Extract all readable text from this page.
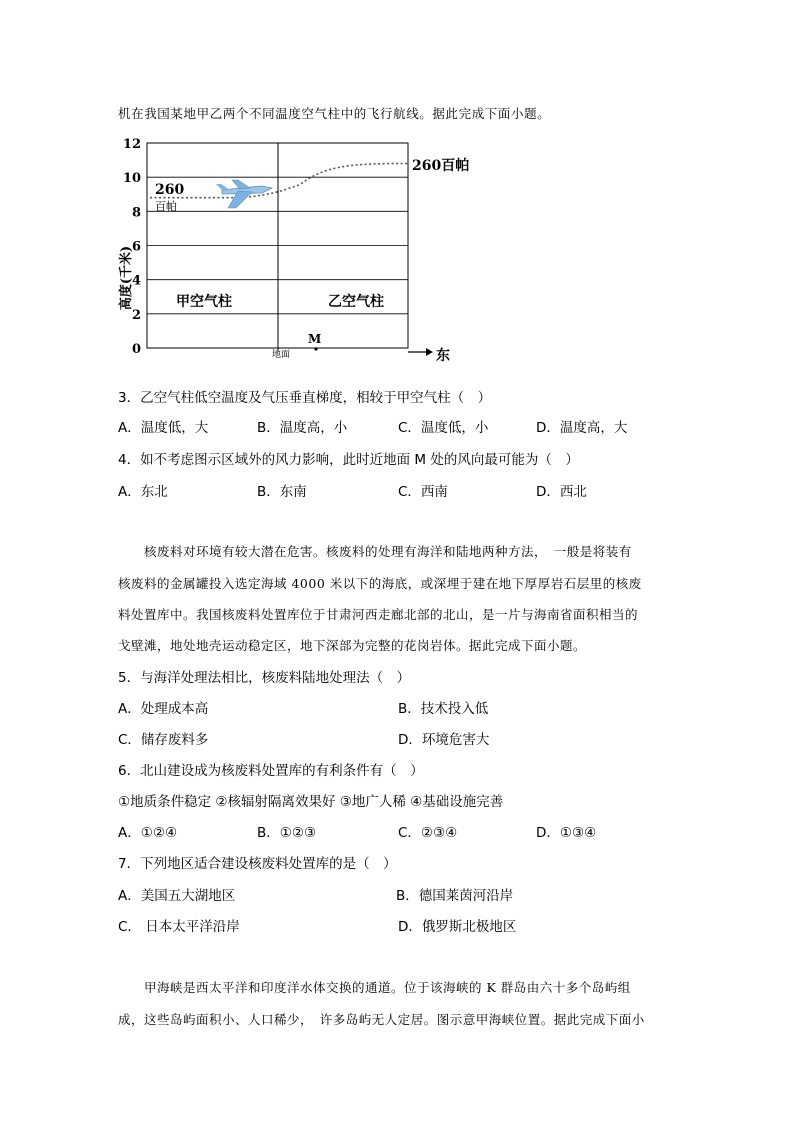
机在我国某地甲乙两个不同温度空气柱中的飞行航线。据此完成下面小题。
0
2
4
6
8
10
12
高度(千米)
260
百帕
260百帕
甲空气柱	乙空气柱
M
地面	东
3．乙空气柱低空温度及气压垂直梯度，相较于甲空气柱（　）
A．温度低，大	B．温度高，小	C．温度低，小	D．温度高，大
4．如不考虑图示区域外的风力影响，此时近地面 M 处的风向最可能为（　）
A．东北	B．东南	C．西南	D．西北
　　核废料对环境有较大潜在危害。核废料的处理有海洋和陆地两种方法，　一般是将装有
核废料的金属罐投入选定海域 4000 米以下的海底，或深埋于建在地下厚厚岩石层里的核废
料处置库中。我国核废料处置库位于甘肃河西走廊北部的北山，是一片与海南省面积相当的
戈壁滩，地处地壳运动稳定区，地下深部为完整的花岗岩体。据此完成下面小题。
5．与海洋处理法相比，核废料陆地处理法（　）
A．处理成本高	B．技术投入低
C．储存废料多	D．环境危害大
6．北山建设成为核废料处置库的有利条件有（　）
①地质条件稳定 ②核辐射隔离效果好 ③地广人稀 ④基础设施完善
A．①②④	B．①②③	C．②③④	D．①③④
7．下列地区适合建设核废料处置库的是（　）
A．美国五大湖地区	B．德国莱茵河沿岸
C． 日本太平洋沿岸	D．俄罗斯北极地区
　　甲海峡是西太平洋和印度洋水体交换的通道。位于该海峡的 K 群岛由六十多个岛屿组
成，这些岛屿面积小、人口稀少，　许多岛屿无人定居。图示意甲海峡位置。据此完成下面小
